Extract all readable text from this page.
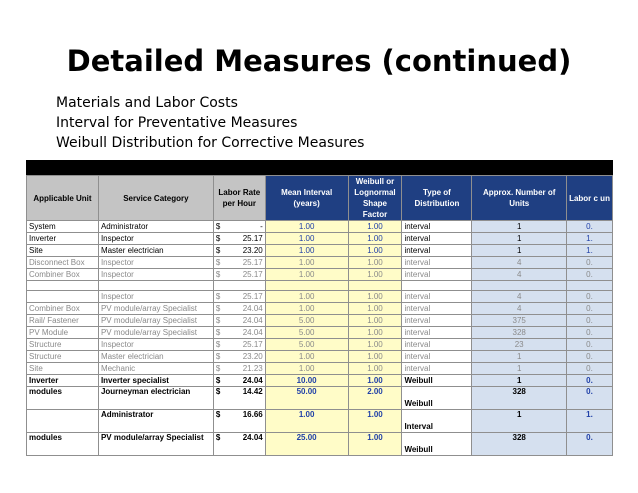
Detailed Measures (continued)
Materials and Labor Costs
Interval for Preventative Measures
Weibull Distribution for Corrective Measures
Applicable Unit	Service Category	Labor Rate per Hour	Mean Interval (years)	Weibull or Lognormal Shape Factor	Type of Distribution	Approx. Number of Units	Labor c un
System	Administrator	$ -	1.00	1.00	interval	1	0.
Inverter	Inspector	$ 25.17	1.00	1.00	interval	1	1.
Site	Master electrician	$ 23.20	1.00	1.00	interval	1	1.
Disconnect Box	Inspector	$ 25.17	1.00	1.00	interval	4	0.
Combiner Box	Inspector	$ 25.17	1.00	1.00	interval	4	0.

	Inspector	$ 25.17	1.00	1.00	interval	4	0.
Combiner Box	PV module/array Specialist	$ 24.04	1.00	1.00	interval	4	0.
Rail/ Fastener	PV module/array Specialist	$ 24.04	5.00	1.00	interval	375	0.
PV Module	PV module/array Specialist	$ 24.04	5.00	1.00	interval	328	0.
Structure	Inspector	$ 25.17	5.00	1.00	interval	23	0.
Structure	Master electrician	$ 23.20	1.00	1.00	interval	1	0.
Site	Mechanic	$ 21.23	1.00	1.00	interval	1	0.
Inverter	Inverter specialist	$ 24.04	10.00	1.00	Weibull	1	0.
modules	Journeyman electrician	$ 14.42	50.00	2.00	Weibull	328	0.
	Administrator	$ 16.66	1.00	1.00	Interval	1	1.
modules	PV module/array Specialist	$ 24.04	25.00	1.00	Weibull	328	0.
